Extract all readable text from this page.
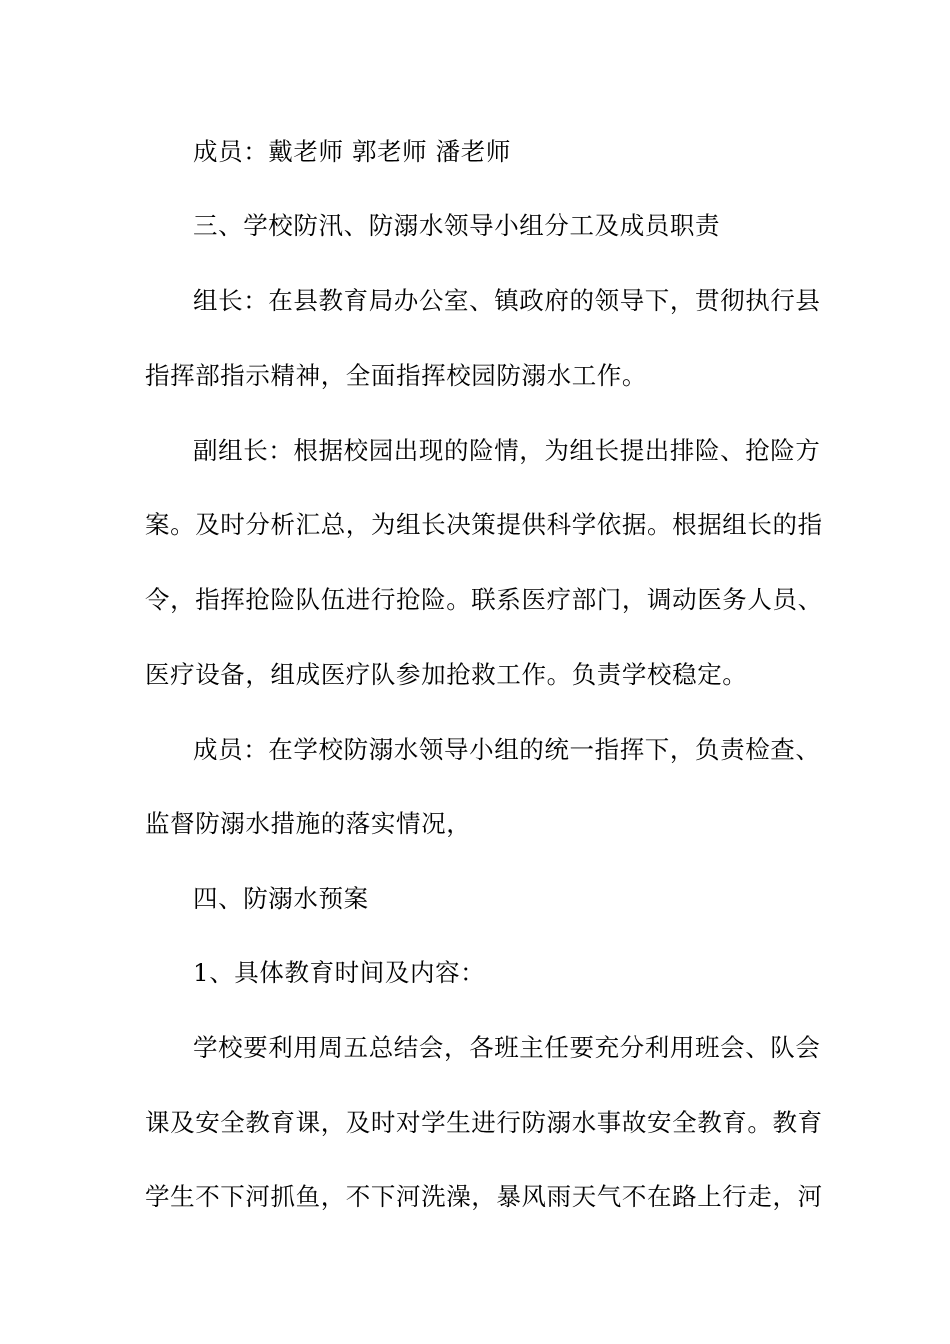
成员：戴老师 郭老师 潘老师
三、学校防汛、防溺水领导小组分工及成员职责
组长：在县教育局办公室、镇政府的领导下，贯彻执行县
指挥部指示精神，全面指挥校园防溺水工作。
副组长：根据校园出现的险情，为组长提出排险、抢险方
案。及时分析汇总，为组长决策提供科学依据。根据组长的指
令，指挥抢险队伍进行抢险。联系医疗部门，调动医务人员、
医疗设备，组成医疗队参加抢救工作。负责学校稳定。
成员：在学校防溺水领导小组的统一指挥下，负责检查、
监督防溺水措施的落实情况，
四、防溺水预案
1、具体教育时间及内容：
学校要利用周五总结会，各班主任要充分利用班会、队会
课及安全教育课，及时对学生进行防溺水事故安全教育。教育
学生不下河抓鱼，不下河洗澡，暴风雨天气不在路上行走，河
